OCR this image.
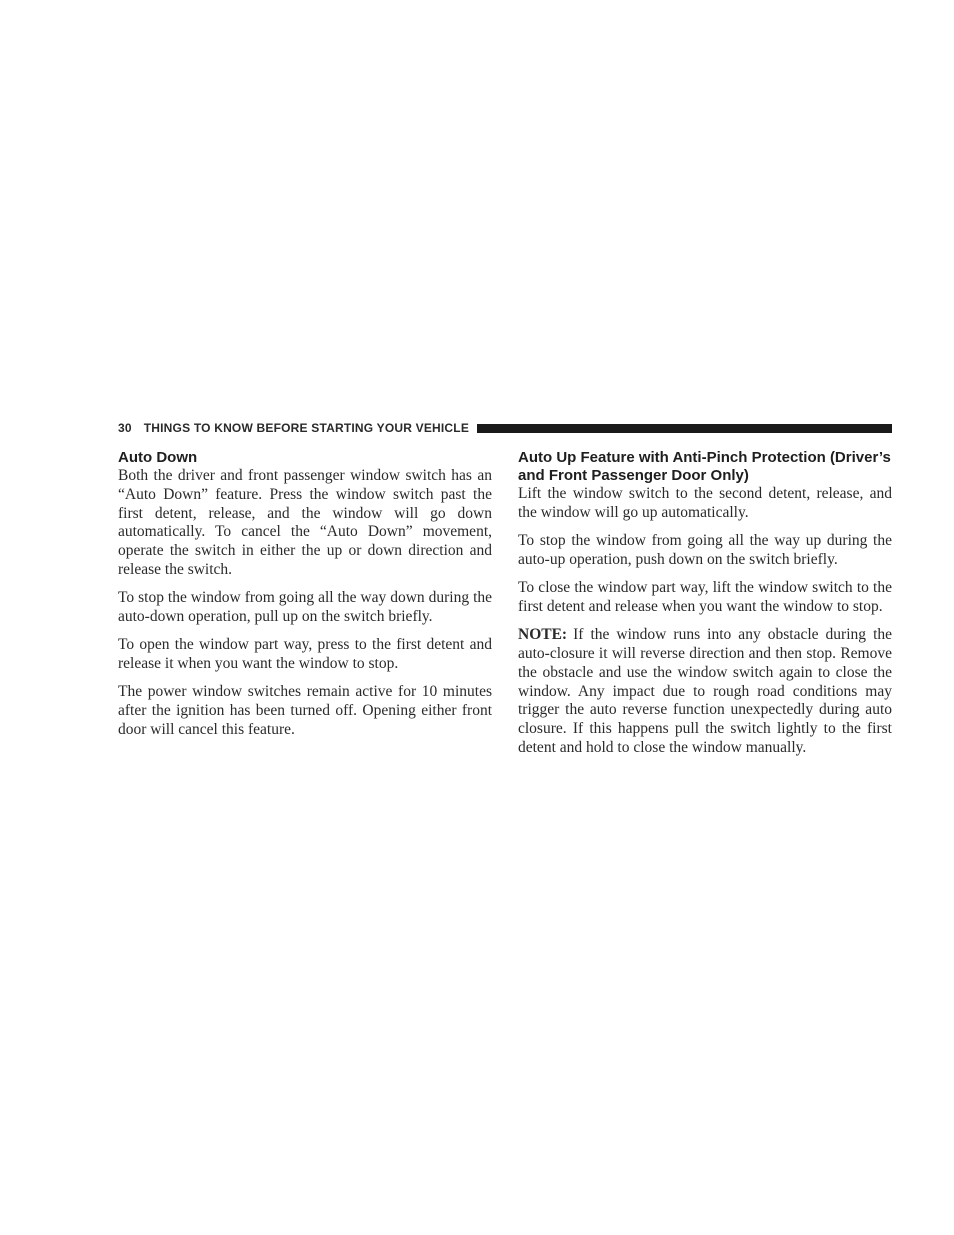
30 THINGS TO KNOW BEFORE STARTING YOUR VEHICLE
Auto Down

Both the driver and front passenger window switch has an “Auto Down” feature. Press the window switch past the first detent, release, and the window will go down automatically. To cancel the “Auto Down” movement, operate the switch in either the up or down direction and release the switch.

To stop the window from going all the way down during the auto-down operation, pull up on the switch briefly.

To open the window part way, press to the first detent and release it when you want the window to stop.

The power window switches remain active for 10 minutes after the ignition has been turned off. Opening either front door will cancel this feature.

Auto Up Feature with Anti-Pinch Protection (Driver’s and Front Passenger Door Only)

Lift the window switch to the second detent, release, and the window will go up automatically.

To stop the window from going all the way up during the auto-up operation, push down on the switch briefly.

To close the window part way, lift the window switch to the first detent and release when you want the window to stop.

NOTE: If the window runs into any obstacle during the auto-closure it will reverse direction and then stop. Remove the obstacle and use the window switch again to close the window. Any impact due to rough road conditions may trigger the auto reverse function unexpectedly during auto closure. If this happens pull the switch lightly to the first detent and hold to close the window manually.
